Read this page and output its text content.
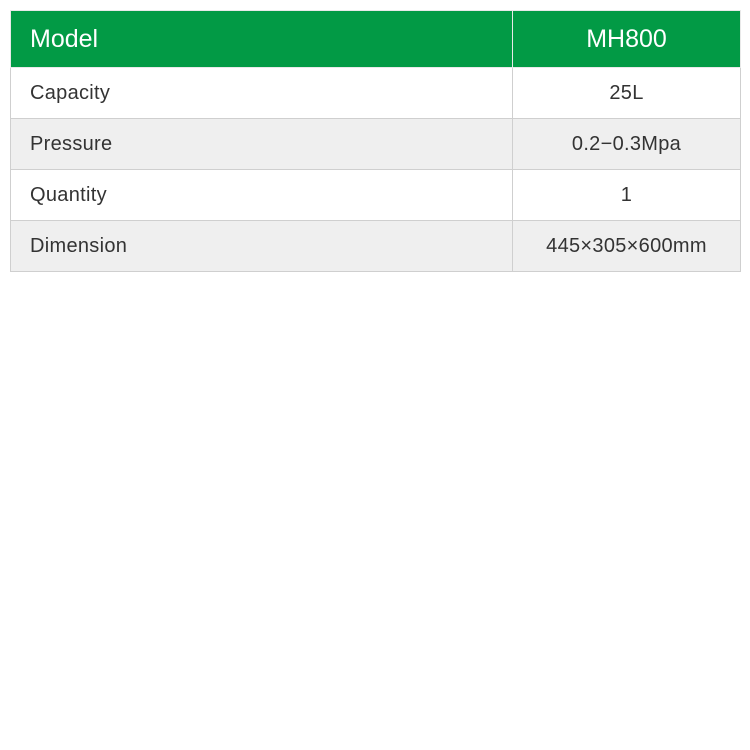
Model	MH800
Capacity	25L
Pressure	0.2−0.3Mpa
Quantity	1
Dimension	445×305×600mm
